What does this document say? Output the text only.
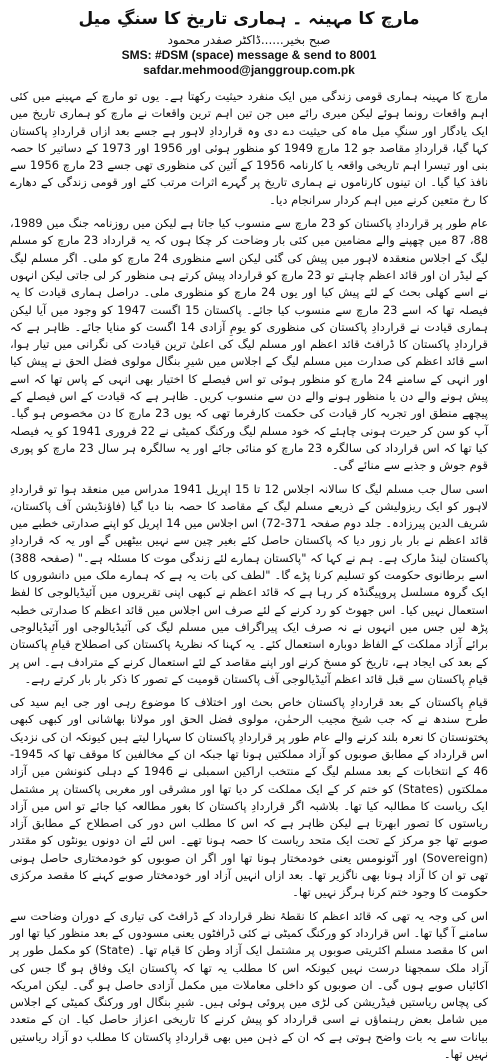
مارچ کا مہینہ ۔ ہماری تاریخ کا سنگِ میل
صبح بخیر......ڈاکٹر صفدر محمود
SMS: #DSM (space) message & send to 8001
safdar.mehmood@janggroup.com.pk

مارچ کا مہینہ ہماری قومی زندگی میں ایک منفرد حیثیت رکھتا ہے۔ یوں تو مارچ کے مہینے میں کئی اہم واقعات رونما ہوئے لیکن میری رائے میں جن تین اہم ترین واقعات نے مارچ کو ہماری تاریخ میں ایک یادگار اور سنگِ میل ماہ کی حیثیت دے دی وہ قراردادِ لاہور ہے جسے بعد ازاں قراردادِ پاکستان کہا گیا، قراردادِ مقاصد جو 12 مارچ 1949 کو منظور ہوئی اور 1956 اور 1973 کے دساتیر کا حصہ بنی اور تیسرا اہم تاریخی واقعہ یا کارنامہ 1956 کے آئین کی منظوری تھی جسے 23 مارچ 1956 سے نافذ کیا گیا۔ ان تینوں کارناموں نے ہماری تاریخ پر گہرے اثرات مرتب کئے اور قومی زندگی کے دھارے کا رخ متعین کرنے میں اہم کردار سرانجام دیا۔

عام طور پر قراردادِ پاکستان کو 23 مارچ سے منسوب کیا جاتا ہے لیکن میں روزنامہ جنگ میں 1989، 88، 87 میں چھپنے والے مضامین میں کئی بار وضاحت کر چکا ہوں کہ یہ قرارداد 23 مارچ کو مسلم لیگ کے اجلاس منعقدہ لاہور میں پیش کی گئی لیکن اسے منظوری 24 مارچ کو ملی۔ اگر مسلم لیگ کے لیڈر ان اور قائد اعظم چاہتے تو 23 مارچ کو قرارداد پیش کرتے ہی منظور کر لی جاتی لیکن انہوں نے اسے کھلی بحث کے لئے پیش کیا اور یوں 24 مارچ کو منظوری ملی۔ دراصل ہماری قیادت کا یہ فیصلہ تھا کہ اسے 23 مارچ سے منسوب کیا جائے۔ پاکستان 15 اگست 1947 کو وجود میں آیا لیکن ہماری قیادت نے قراردادِ پاکستان کی منظوری کو یومِ آزادی 14 اگست کو منایا جائے۔ ظاہر ہے کہ قراردادِ پاکستان کا ڈرافٹ قائد اعظم اور مسلم لیگ کی اعلیٰ ترین قیادت کی نگرانی میں تیار ہوا، اسے قائد اعظم کی صدارت میں مسلم لیگ کے اجلاس میں شیرِ بنگال مولوی فضل الحق نے پیش کیا اور انہی کے سامنے 24 مارچ کو منظور ہوئی تو اس فیصلے کا اختیار بھی انہی کے پاس تھا کہ اسے پیش ہونے والے دن یا منظور ہونے والے دن سے منسوب کریں۔ ظاہر ہے کہ قیادت کے اس فیصلے کے پیچھے منطق اور تجربہ کار قیادت کی حکمت کارفرما تھی کہ یوں 23 مارچ کا دن مخصوص ہو گیا۔ آپ کو سن کر حیرت ہونی چاہئے کہ خود مسلم لیگ ورکنگ کمیٹی نے 22 فروری 1941 کو یہ فیصلہ کیا تھا کہ اس قرارداد کی سالگرہ 23 مارچ کو منائی جائے اور یہ سالگرہ ہر سال 23 مارچ کو پوری قوم جوش و جذبے سے منائے گی۔

اسی سال جب مسلم لیگ کا سالانہ اجلاس 12 تا 15 اپریل 1941 مدراس میں منعقد ہوا تو قراردادِ لاہور کو ایک ریزولیشن کے ذریعے مسلم لیگ کے مقاصد کا حصہ بنا دیا گیا (فاؤنڈیشن آف پاکستان، شریف الدین پیرزادہ۔ جلد دوم صفحہ 371-72) اس اجلاس میں 14 اپریل کو اپنے صدارتی خطبے میں قائد اعظم نے بار بار زور دیا کہ پاکستان حاصل کئے بغیر چین سے نہیں بیٹھیں گے اور یہ کہ قراردادِ پاکستان لینڈ مارک ہے۔ ہم نے کہا کہ "پاکستان ہمارے لئے زندگی موت کا مسئلہ ہے۔" (صفحہ 388) اسے برطانوی حکومت کو تسلیم کرنا پڑے گا۔ "لطف کی بات یہ ہے کہ ہمارے ملک میں دانشوروں کا ایک گروہ مسلسل پروپیگنڈہ کر رہا ہے کہ قائد اعظم نے کبھی اپنی تقریروں میں آئیڈیالوجی کا لفظ استعمال نہیں کیا۔ اس جھوٹ کو رد کرنے کے لئے صرف اس اجلاس میں قائد اعظم کا صدارتی خطبہ پڑھ لیں جس میں انہوں نے نہ صرف ایک پیراگراف میں مسلم لیگ کی آئیڈیالوجی اور آئیڈیالوجی برائے آزاد مملکت کے الفاظ دوبارہ استعمال کئے۔ یہ کہنا کہ نظریۂ پاکستان کی اصطلاح قیامِ پاکستان کے بعد کی ایجاد ہے، تاریخ کو مسخ کرنے اور اپنے مقاصد کے لئے استعمال کرنے کے مترادف ہے۔ اس پر قیامِ پاکستان سے قبل قائد اعظم آئیڈیالوجی آف پاکستان قومیت کے تصور کا ذکر بار بار کرتے رہے۔

قیامِ پاکستان کے بعد قراردادِ پاکستان خاص بحث اور اختلاف کا موضوع رہی اور جی ایم سید کی طرح سندھ نے کہ جب شیخ مجیب الرحمٰن، مولوی فضل الحق اور مولانا بھاشانی اور کبھی کبھی پختونستان کا نعرہ بلند کرنے والے عام طور پر قراردادِ پاکستان کا سہارا لیتے ہیں کیونکہ ان کی نزدیک اس قرارداد کے مطابق صوبوں کو آزاد مملکتیں ہونا تھا جبکہ ان کے مخالفین کا موقف تھا کہ 1945-46 کے انتخابات کے بعد مسلم لیگ کے منتخب اراکین اسمبلی نے 1946 کے دہلی کنونشن میں آزاد مملکتوں (States) کو ختم کر کے ایک مملکت کر دیا تھا اور مشرقی اور مغربی پاکستان پر مشتمل ایک ریاست کا مطالبہ کیا تھا۔ بلاشبہ اگر قراردادِ پاکستان کا بغور مطالعہ کیا جائے تو اس میں آزاد ریاستوں کا تصور ابھرتا ہے لیکن ظاہر ہے کہ اس کا مطلب اس دور کی اصطلاح کے مطابق آزاد صوبے تھا جو مرکز کے تحت ایک متحد ریاست کا حصہ ہونا تھے۔ اس لئے ان دونوں یونٹوں کو مقتدر (Sovereign) اور آٹونومس یعنی خودمختار ہونا تھا اور اگر ان صوبوں کو خودمختاری حاصل ہونی تھی تو ان کا آزاد ہونا بھی ناگزیر تھا۔ بعد ازاں انہیں آزاد اور خودمختار صوبے کہنے کا مقصد مرکزی حکومت کا وجود ختم کرنا ہرگز نہیں تھا۔

اس کی وجہ یہ تھی کہ قائد اعظم کا نقطۂ نظر قرارداد کے ڈرافٹ کی تیاری کے دوران وضاحت سے سامنے آ گیا تھا۔ اس قرارداد کو ورکنگ کمیٹی نے کئی ڈرافٹوں یعنی مسودوں کے بعد منظور کیا تھا اور اس کا مقصد مسلم اکثریتی صوبوں پر مشتمل ایک آزاد وطن کا قیام تھا۔ (State) کو مکمل طور پر آزاد ملک سمجھنا درست نہیں کیونکہ اس کا مطلب یہ تھا کہ پاکستان ایک وفاق ہو گا جس کی اکائیاں صوبے ہوں گی۔ ان صوبوں کو داخلی معاملات میں مکمل آزادی حاصل ہو گی۔ لیکن امریکہ کی پچاس ریاستیں فیڈریشن کی لڑی میں پروئی ہوئی ہیں۔ شیرِ بنگال اور ورکنگ کمیٹی کے اجلاس میں شامل بعض رہنماؤں نے اسی قرارداد کو پیش کرنے کا تاریخی اعزاز حاصل کیا۔ ان کے متعدد بیانات سے یہ بات واضح ہوتی ہے کہ ان کے ذہن میں بھی قراردادِ پاکستان کا مطلب دو آزاد ریاستیں نہیں تھا۔
